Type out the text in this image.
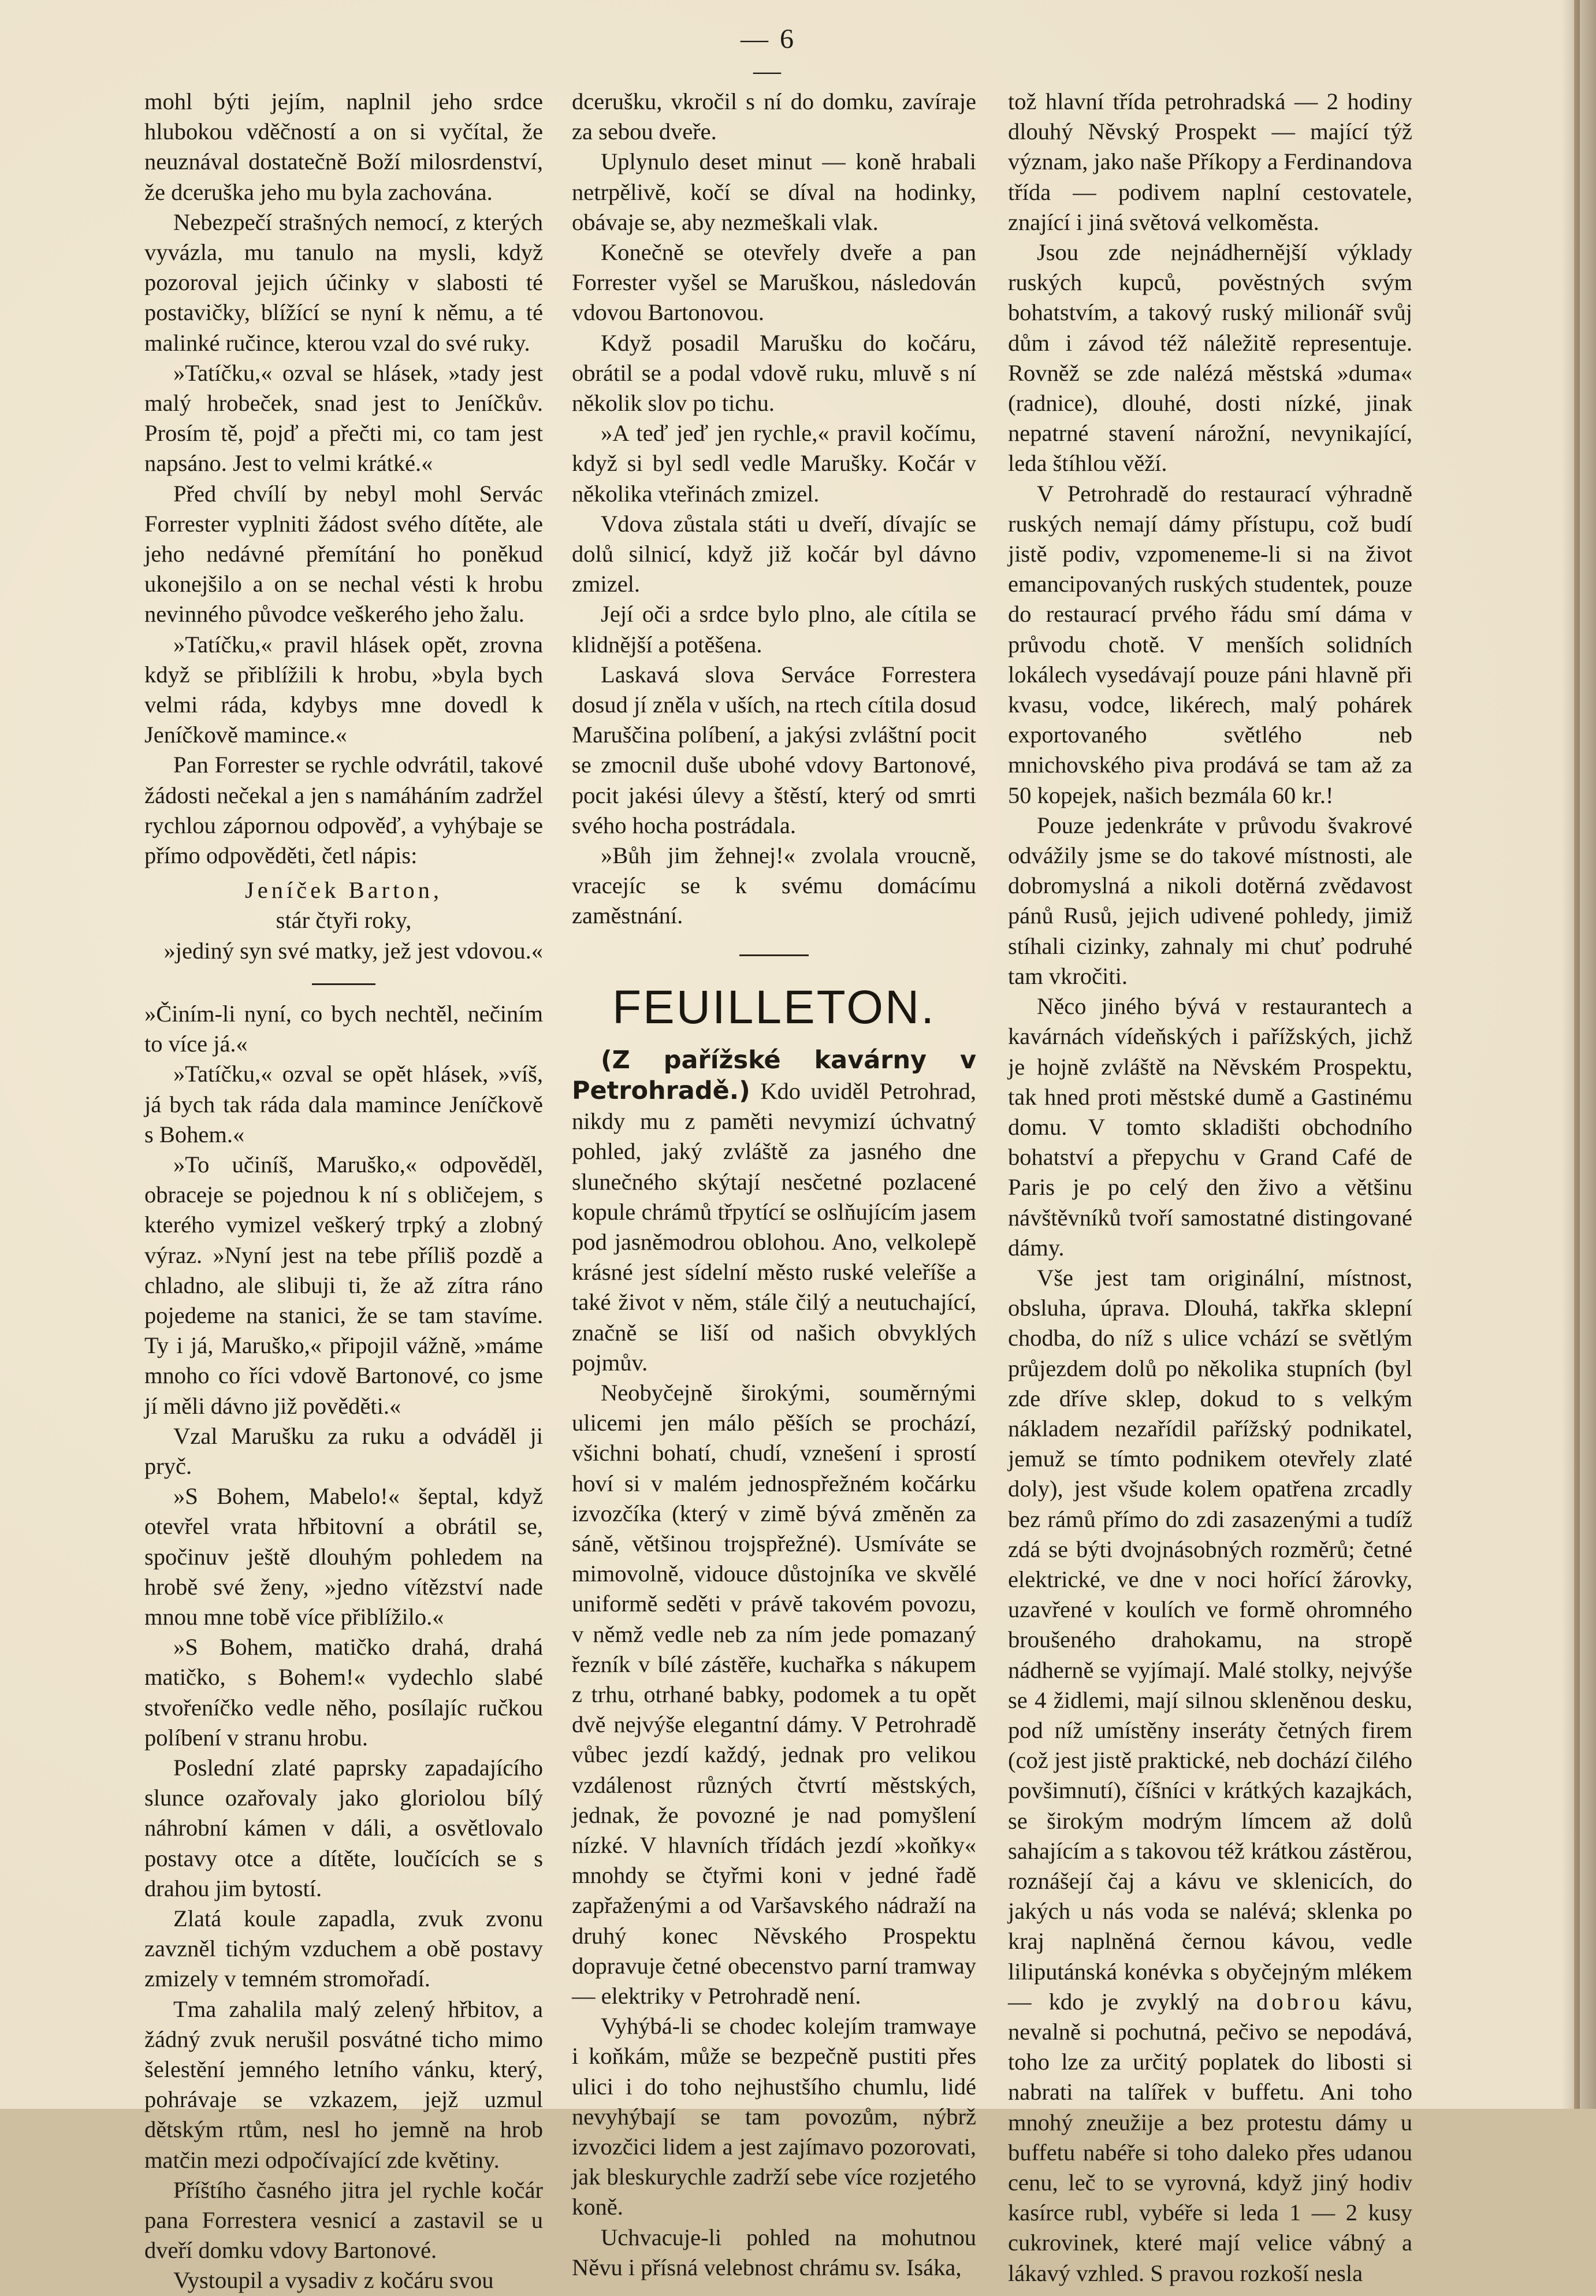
— 6 —

mohl býti jejím, naplnil jeho srdce hlubokou vděčností a on si vyčítal, že neuznával dostatečně Boží milosrdenství, že dceruška jeho mu byla zachována.

Nebezpečí strašných nemocí, z kterých vyvázla, mu tanulo na mysli, když pozoroval jejich účinky v slabosti té postavičky, blížící se nyní k němu, a té malinké ručince, kterou vzal do své ruky.

»Tatíčku,« ozval se hlásek, »tady jest malý hrobeček, snad jest to Jeníčkův. Prosím tě, pojď a přečti mi, co tam jest napsáno. Jest to velmi krátké.«

Před chvílí by nebyl mohl Servác Forrester vyplniti žádost svého dítěte, ale jeho nedávné přemítání ho poněkud ukonejšilo a on se nechal vésti k hrobu nevinného původce veškerého jeho žalu.

»Tatíčku,« pravil hlásek opět, zrovna když se přiblížili k hrobu, »byla bych velmi ráda, kdybys mne dovedl k Jeníčkově mamince.«

Pan Forrester se rychle odvrátil, takové žádosti nečekal a jen s namáháním zadržel rychlou zápornou odpověď, a vyhýbaje se přímo odpověděti, četl nápis:

Jeníček Barton,

stár čtyři roky,

»jediný syn své matky, jež jest vdovou.«

»Činím-li nyní, co bych nechtěl, nečiním to více já.«

»Tatíčku,« ozval se opět hlásek, »víš, já bych tak ráda dala mamince Jeníčkově s Bohem.«

»To učiníš, Maruško,« odpověděl, obraceje se pojednou k ní s obličejem, s kterého vymizel veškerý trpký a zlobný výraz. »Nyní jest na tebe příliš pozdě a chladno, ale slibuji ti, že až zítra ráno pojedeme na stanici, že se tam stavíme. Ty i já, Maruško,« připojil vážně, »máme mnoho co říci vdově Bartonové, co jsme jí měli dávno již pověděti.«

Vzal Marušku za ruku a odváděl ji pryč.

»S Bohem, Mabelo!« šeptal, když otevřel vrata hřbitovní a obrátil se, spočinuv ještě dlouhým pohledem na hrobě své ženy, »jedno vítězství nade mnou mne tobě více přiblížilo.«

»S Bohem, matičko drahá, drahá matičko, s Bohem!« vydechlo slabé stvořeníčko vedle něho, posílajíc ručkou políbení v stranu hrobu.

Poslední zlaté paprsky zapadajícího slunce ozařovaly jako gloriolou bílý náhrobní kámen v dáli, a osvětlovalo postavy otce a dítěte, loučících se s drahou jim bytostí.

Zlatá koule zapadla, zvuk zvonu zavzněl tichým vzduchem a obě postavy zmizely v temném stromořadí.

Tma zahalila malý zelený hřbitov, a žádný zvuk nerušil posvátné ticho mimo šelestění jemného letního vánku, který, pohrávaje se vzkazem, jejž uzmul dětským rtům, nesl ho jemně na hrob matčin mezi odpočívající zde květiny.

Příštího časného jitra jel rychle kočár pana Forrestera vesnicí a zastavil se u dveří domku vdovy Bartonové.

Vystoupil a vysadiv z kočáru svou

dcerušku, vkročil s ní do domku, zavíraje za sebou dveře.

Uplynulo deset minut — koně hrabali netrpělivě, kočí se díval na hodinky, obávaje se, aby nezmeškali vlak.

Konečně se otevřely dveře a pan Forrester vyšel se Maruškou, následován vdovou Bartonovou.

Když posadil Marušku do kočáru, obrátil se a podal vdově ruku, mluvě s ní několik slov po tichu.

»A teď jeď jen rychle,« pravil kočímu, když si byl sedl vedle Marušky. Kočár v několika vteřinách zmizel.

Vdova zůstala státi u dveří, dívajíc se dolů silnicí, když již kočár byl dávno zmizel.

Její oči a srdce bylo plno, ale cítila se klidnější a potěšena.

Laskavá slova Serváce Forrestera dosud jí zněla v uších, na rtech cítila dosud Maruščina políbení, a jakýsi zvláštní pocit se zmocnil duše ubohé vdovy Bartonové, pocit jakési úlevy a štěstí, který od smrti svého hocha postrádala.

»Bůh jim žehnej!« zvolala vroucně, vracejíc se k svému domácímu zaměstnání.

FEUILLETON.

(Z pařížské kavárny v Petrohradě.) Kdo uviděl Petrohrad, nikdy mu z paměti nevymizí úchvatný pohled, jaký zvláště za jasného dne slunečného skýtají nesčetné pozlacené kopule chrámů třpytící se oslňujícím jasem pod jasněmodrou oblohou. Ano, velkolepě krásné jest sídelní město ruské veleříše a také život v něm, stále čilý a neutuchající, značně se liší od našich obvyklých pojmův.

Neobyčejně širokými, souměrnými ulicemi jen málo pěších se prochází, všichni bohatí, chudí, vznešení i sprostí hoví si v malém jednospřežném kočárku izvozčíka (který v zimě bývá změněn za sáně, většinou trojspřežné). Usmíváte se mimovolně, vidouce důstojníka ve skvělé uniformě seděti v právě takovém povozu, v němž vedle neb za ním jede pomazaný řezník v bílé zástěře, kuchařka s nákupem z trhu, otrhané babky, podomek a tu opět dvě nejvýše elegantní dámy. V Petrohradě vůbec jezdí každý, jednak pro velikou vzdálenost různých čtvrtí městských, jednak, že povozné je nad pomyšlení nízké. V hlavních třídách jezdí »koňky« mnohdy se čtyřmi koni v jedné řadě zapřaženými a od Varšavského nádraží na druhý konec Něvského Prospektu dopravuje četné obecenstvo parní tramway — elektriky v Petrohradě není.

Vyhýbá-li se chodec kolejím tramwaye i koňkám, může se bezpečně pustiti přes ulici i do toho nejhustšího chumlu, lidé nevyhýbají se tam povozům, nýbrž izvozčici lidem a jest zajímavo pozorovati, jak bleskurychle zadrží sebe více rozjetého koně.

Uchvacuje-li pohled na mohutnou Něvu i přísná velebnost chrámu sv. Isáka,

tož hlavní třída petrohradská — 2 hodiny dlouhý Něvský Prospekt — mající týž význam, jako naše Příkopy a Ferdinandova třída — podivem naplní cestovatele, znající i jiná světová velkoměsta.

Jsou zde nejnádhernější výklady ruských kupců, pověstných svým bohatstvím, a takový ruský milionář svůj dům i závod též náležitě representuje. Rovněž se zde nalézá městská »duma« (radnice), dlouhé, dosti nízké, jinak nepatrné stavení nárožní, nevynikající, leda štíhlou věží.

V Petrohradě do restaurací výhradně ruských nemají dámy přístupu, což budí jistě podiv, vzpomeneme-li si na život emancipovaných ruských studentek, pouze do restaurací prvého řádu smí dáma v průvodu chotě. V menších solidních lokálech vysedávají pouze páni hlavně při kvasu, vodce, likérech, malý pohárek exportovaného světlého neb mnichovského piva prodává se tam až za 50 kopejek, našich bezmála 60 kr.!

Pouze jedenkráte v průvodu švakrové odvážily jsme se do takové místnosti, ale dobromyslná a nikoli dotěrná zvědavost pánů Rusů, jejich udivené pohledy, jimiž stíhali cizinky, zahnaly mi chuť podruhé tam vkročiti.

Něco jiného bývá v restaurantech a kavárnách vídeňských i pařížských, jichž je hojně zvláště na Něvském Prospektu, tak hned proti městské dumě a Gastinému domu. V tomto skladišti obchodního bohatství a přepychu v Grand Café de Paris je po celý den živo a většinu návštěvníků tvoří samostatné distingované dámy.

Vše jest tam originální, místnost, obsluha, úprava. Dlouhá, takřka sklepní chodba, do níž s ulice vchází se světlým průjezdem dolů po několika stupních (byl zde dříve sklep, dokud to s velkým nákladem nezařídil pařížský podnikatel, jemuž se tímto podnikem otevřely zlaté doly), jest všude kolem opatřena zrcadly bez rámů přímo do zdi zasazenými a tudíž zdá se býti dvojnásobných rozměrů; četné elektrické, ve dne v noci hořící žárovky, uzavřené v koulích ve formě ohromného broušeného drahokamu, na stropě nádherně se vyjímají. Malé stolky, nejvýše se 4 židlemi, mají silnou skleněnou desku, pod níž umístěny inseráty četných firem (což jest jistě praktické, neb dochází čilého povšimnutí), číšníci v krátkých kazajkách, se širokým modrým límcem až dolů sahajícím a s takovou též krátkou zástěrou, roznášejí čaj a kávu ve sklenicích, do jakých u nás voda se nalévá; sklenka po kraj naplněná černou kávou, vedle liliputánská konévka s obyčejným mlékem — kdo je zvyklý na dobrou kávu, nevalně si pochutná, pečivo se nepodává, toho lze za určitý poplatek do libosti si nabrati na talířek v buffetu. Ani toho mnohý zneužije a bez protestu dámy u buffetu nabéře si toho daleko přes udanou cenu, leč to se vyrovná, když jiný hodiv kasírce rubl, vybéře si leda 1 — 2 kusy cukrovinek, které mají velice vábný a lákavý vzhled. S pravou rozkoší nesla
